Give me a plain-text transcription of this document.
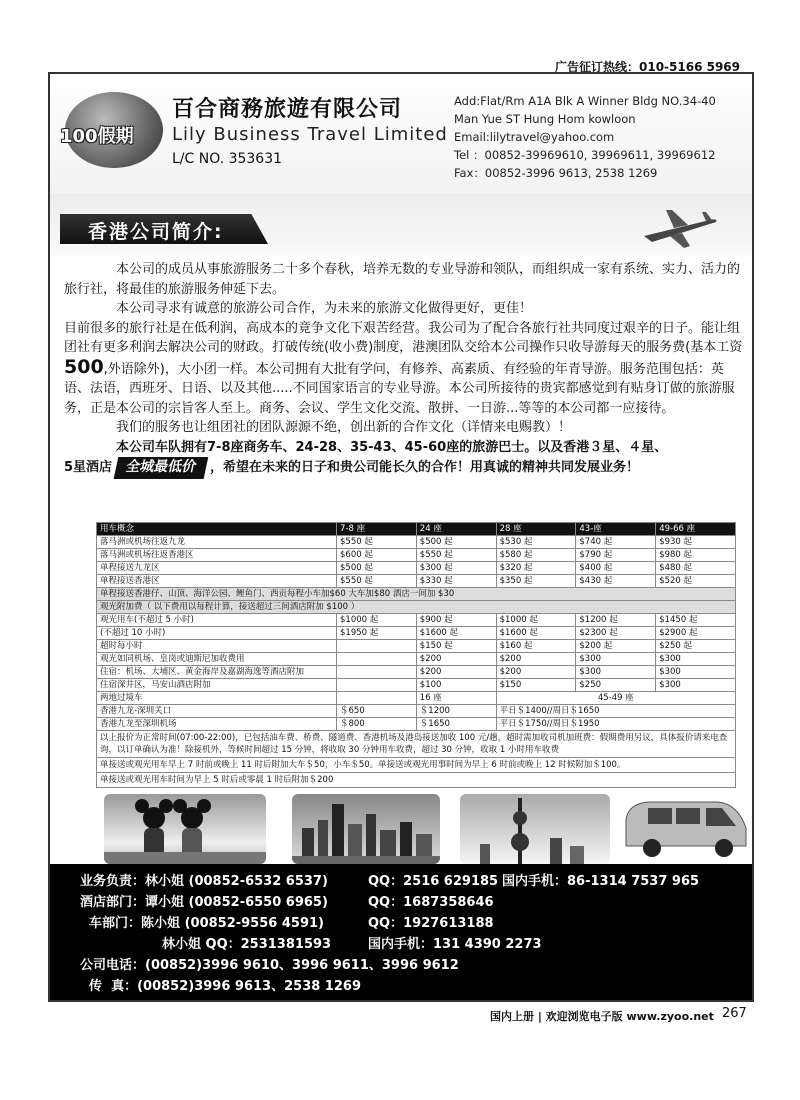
广告征订热线：010-5166 5969
100假期
百合商務旅遊有限公司
Lily Business Travel Limited
L/C NO. 353631
Add:Flat/Rm A1A Blk A Winner Bldg NO.34-40
Man Yue ST Hung Hom kowloon
Email:lilytravel@yahoo.com
Tel ：00852-39969610, 39969611, 39969612
Fax：00852-3996 9613, 2538 1269
香港公司简介:

本公司的成员从事旅游服务二十多个春秋，培养无数的专业导游和领队，而组织成一家有系统、实力、活力的旅行社，将最佳的旅游服务伸延下去。

本公司寻求有诚意的旅游公司合作，为未来的旅游文化做得更好，更佳！

目前很多的旅行社是在低利润，高成本的竟争文化下艰苦经营。我公司为了配合各旅行社共同度过艰辛的日子。能让组团社有更多利润去解决公司的财政。打破传统(收小费)制度，港澳团队交给本公司操作只收导游每天的服务费(基本工资500,外语除外)，大小团一样。本公司拥有大批有学问，有修养、高素质、有经验的年青导游。服务范围包括：英语、法语，西班牙、日语、以及其他.....不同国家语言的专业导游。本公司所接待的贵宾都感觉到有贴身订做的旅游服务，正是本公司的宗旨客人至上。商务、会议、学生文化交流、散拼、一日游...等等的本公司都一应接待。

我们的服务也让组团社的团队源源不绝，创出新的合作文化（详情来电赐教）！

本公司车队拥有7-8座商务车、24-28、35-43、45-60座的旅游巴士。以及香港３星、４星、

5星酒店 全城最低价 ，希望在未来的日子和贵公司能长久的合作！用真诚的精神共同发展业务！

用车概念	7-8 座	24 座	28 座	43-座	49-66 座
落马洲或机场往返九龙	$550 起	$500 起	$530 起	$740 起	$930 起
落马洲或机场往返香港区	$600 起	$550 起	$580 起	$790 起	$980 起
单程接送九龙区	$500 起	$300 起	$320 起	$400 起	$480 起
单程接送香港区	$550 起	$330 起	$350 起	$430 起	$520 起
单程接送香港仔、山顶、海洋公园、鲤鱼门、西贡每程小车加$60 大车加$80 酒店一间加 $30					
观光附加费（ 以下费用以每程计算，接送超过三间酒店附加 $100 ）					
观光用车(不超过 5 小时)	$1000 起	$900 起	$1000 起	$1200 起	$1450 起
(不超过 10 小时)	$1950 起	$1600 起	$1600 起	$2300 起	$2900 起
超时每小时		$150 起	$160 起	$200 起	$250 起
观光如同机场、皇岗或迪斯尼加收费用		$200	$200	$300	$300
住宿：机场、大埔区、黄金海岸及嘉湖海逸等酒店附加		$200	$200	$300	$300
住宿深井区，马安山酒店附加		$100	$150	$250	$300
两地过境车		16 座	45-49 座		
香港九龙-深圳关口	＄650	＄1200	平日＄1400//周日＄1650		
香港九龙至深圳机场	＄800	＄1650	平日＄1750//周日＄1950		
以上报价为正常时间(07:00-22:00)，已包括油车费、桥费、隧道费、香港机场及港岛接送加收 100 元/趟，超时需加收司机加班费：假期费用另议，具体报价请来电查询，以订单确认为准！除接机外，等候时间超过 15 分钟，将收取 30 分钟用车收费，超过 30 分钟，收取 1 小时用车收费					
单接送或观光用车早上 7 时前或晚上 11 时后附加大车＄50，小车＄50。单接送或观光用事时间为早上 6 时前或晚上 12 时候附加＄100。					
单接送或观光用车时间为早上 5 时后或零晨 1 时后附加＄200					
业务负责：林小姐 (00852-6532 6537)	QQ：2516 629185 国内手机：86-1314 7537 965
酒店部门：谭小姐 (00852-6550 6965)	QQ：1687358646
车部门：陈小姐 (00852-9556 4591)	QQ：1927613188
林小姐 QQ：2531381593	国内手机：131 4390 2273
公司电话：(00852)3996 9610、3996 9611、3996 9612
传  真：(00852)3996 9613、2538 1269
国内上册 | 欢迎浏览电子版 www.zyoo.net 267
